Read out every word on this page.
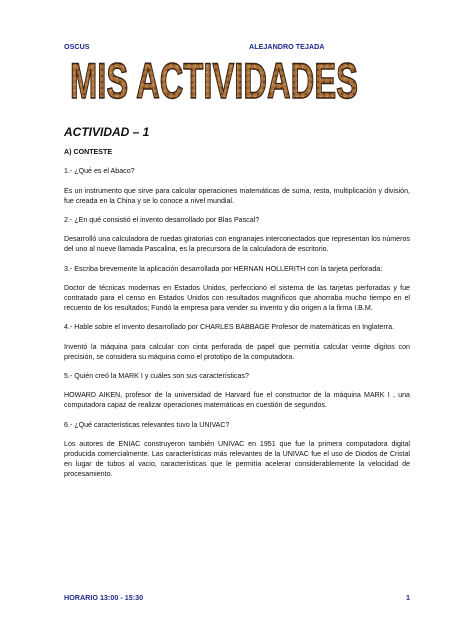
OSCUS	ALEJANDRO TEJADA
MIS ACTIVIDADES
ACTIVIDAD – 1
A) CONTESTE

1.- ¿Qué es el Abaco?

Es un instrumento que sirve para calcular operaciones matemáticas de suma, resta, multiplicación y división, fue creada en la China y se lo conoce a nivel mundial.

2.- ¿En qué consistió el invento desarrollado por Blas Pascal?

Desarrolló una calculadora de ruedas giratorias con engranajes interconectados que representan los números del uno al nueve llamada Pascalina, es la precursora de la calculadora de escritorio.

3.- Escriba brevemente la aplicación desarrollada por HERNAN HOLLERITH con la tarjeta perforada:

Doctor de técnicas modernas en Estados Unidos, perfeccionó el sistema de las tarjetas perforadas y fue contratado para el censo en Estados Unidos con resultados magníficos que ahorraba mucho tiempo en el recuento de los resultados; Fundó la empresa para vender su invento y dio origen a la firma I.B.M.

4.- Hable sobre el invento desarrollado por CHARLES BABBAGE Profesor de matemáticas en Inglaterra.

Inventó la máquina para calcular con cinta perforada de papel que permitía calcular veinte digitos con precisión, se considera su máquina como el prototipo de la computadora.

5.- Quién creó la MARK I y cuáles son sus características?

HOWARD AIKEN, profesor de la universidad de Harvard fue el constructor de la máquina MARK I , una computadora capaz de realizar operaciones matemáticas en cuestión de segundos.

6.- ¿Qué características relevantes tuvo la UNIVAC?

Los autores de ENIAC construyeron también UNIVAC en 1951 que fue la primera computadora digital producida comercialmente. Las características más relevantes de la UNIVAC fue el uso de Diodos de Cristal en lugar de tubos al vacio, características que le permitía acelerar considerablemente la velocidad de procesamiento.

HORARIO 13:00 - 15:30	1
